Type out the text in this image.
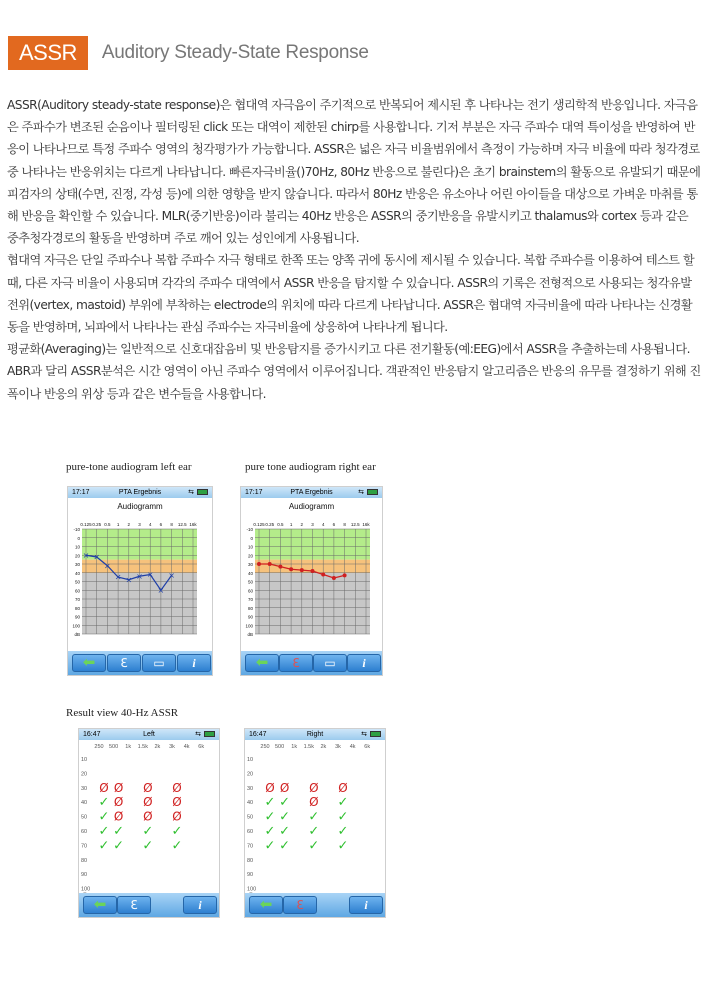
ASSR	Auditory Steady-State Response

ASSR(Auditory steady-state response)은 협대역 자극음이 주기적으로 반복되어 제시된 후 나타나는 전기 생리학적 반응입니다. 자극음은 주파수가 변조된 순음이나 필터링된 click 또는 대역이 제한된 chirp를 사용합니다. 기저 부분은 자극 주파수 대역 특이성을 반영하여 반응이 나타나므로 특정 주파수 영역의 청각평가가 가능합니다. ASSR은 넓은 자극 비율범위에서 측정이 가능하며 자극 비율에 따라 청각경로 중 나타나는 반응위치는 다르게 나타납니다. 빠른자극비율()70Hz, 80Hz 반응으로 불린다)은 초기 brainstem의 활동으로 유발되기 때문에 피검자의 상태(수면, 진정, 각성 등)에 의한 영향을 받지 않습니다. 따라서 80Hz 반응은 유소아나 어린 아이들을 대상으로 가벼운 마취를 통해 반응을 확인할 수 있습니다. MLR(중기반응)이라 불리는 40Hz 반응은 ASSR의 중기반응을 유발시키고 thalamus와 cortex 등과 같은 중추청각경로의 활동을 반영하며 주로 깨어 있는 성인에게 사용됩니다.

협대역 자극은 단일 주파수나 복합 주파수 자극 형태로 한쪽 또는 양쪽 귀에 동시에 제시될 수 있습니다. 복합 주파수를 이용하여 테스트 할 때, 다른 자극 비율이 사용되며 각각의 주파수 대역에서 ASSR 반응을 탐지할 수 있습니다. ASSR의 기록은 전형적으로 사용되는 청각유발전위(vertex, mastoid) 부위에 부착하는 electrode의 위치에 따라 다르게 나타납니다. ASSR은 협대역 자극비율에 따라 나타나는 신경활동을 반영하며, 뇌파에서 나타나는 관심 주파수는 자극비율에 상응하여 나타나게 됩니다.

평균화(Averaging)는 일반적으로 신호대잡음비 및 반응탐지를 증가시키고 다른 전기활동(예:EEG)에서 ASSR을 추출하는데 사용됩니다. ABR과 달리 ASSR분석은 시간 영역이 아닌 주파수 영역에서 이루어집니다. 객관적인 반응탐지 알고리즘은 반응의 유무를 결정하기 위해 진폭이나 반응의 위상 등과 같은 변수들을 사용합니다.

pure-tone audiogram left ear	pure tone audiogram right ear
Result view 40-Hz ASSR
17:17	PTA Ergebnis	⇆
Audiogramm
0.125 0.25 0.5 1 2 3 4 6 8 12.5 16k
-10
0
10
20
30
40
50
60
70
80
90
100
dB
× ×
×
× × × ×
×
×
⬅	ℇ	▭	i
17:17	PTA Ergebnis	⇆
Audiogramm
0.125 0.25 0.5 1 2 3 4 6 8 12.5 16k
-10
0
10
20
30
40
50
60
70
80
90
100
dB
⬅	ℇ	▭	i
16:47	Left	⇆
250 500 1k 1.5k 2k 3k 4k 6k
10
20
30
40
50
60
70
80
90
100
Ø Ø Ø Ø
✓ Ø Ø Ø
✓ Ø Ø Ø
✓ ✓ ✓ ✓
✓ ✓ ✓ ✓
⬅	ℇ	i
16:47	Right	⇆
250 500 1k 1.5k 2k 3k 4k 6k
10
20
30
40
50
60
70
80
90
100
Ø Ø Ø Ø
✓ ✓ Ø ✓
✓ ✓ ✓ ✓
✓ ✓ ✓ ✓
✓ ✓ ✓ ✓
⬅	ℇ	i
